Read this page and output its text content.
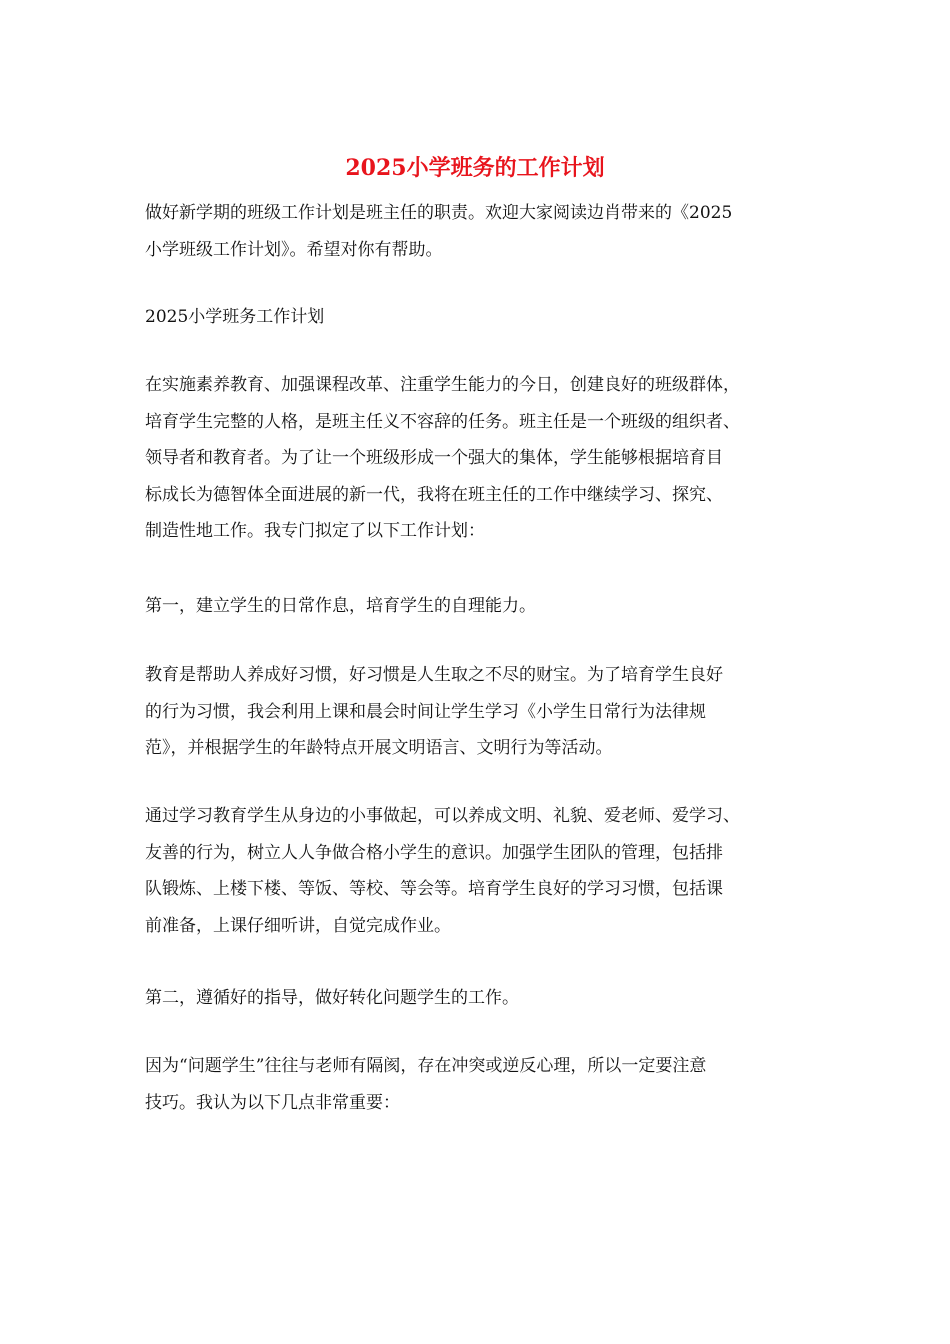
2025小学班务的工作计划
做好新学期的班级工作计划是班主任的职责。欢迎大家阅读边肖带来的《2025
小学班级工作计划》。希望对你有帮助。
2025小学班务工作计划
在实施素养教育、加强课程改革、注重学生能力的今日，创建良好的班级群体，
培育学生完整的人格，是班主任义不容辞的任务。班主任是一个班级的组织者、
领导者和教育者。为了让一个班级形成一个强大的集体，学生能够根据培育目
标成长为德智体全面进展的新一代，我将在班主任的工作中继续学习、探究、
制造性地工作。我专门拟定了以下工作计划：
第一，建立学生的日常作息，培育学生的自理能力。
教育是帮助人养成好习惯，好习惯是人生取之不尽的财宝。为了培育学生良好
的行为习惯，我会利用上课和晨会时间让学生学习《小学生日常行为法律规
范》，并根据学生的年龄特点开展文明语言、文明行为等活动。
通过学习教育学生从身边的小事做起，可以养成文明、礼貌、爱老师、爱学习、
友善的行为，树立人人争做合格小学生的意识。加强学生团队的管理，包括排
队锻炼、上楼下楼、等饭、等校、等会等。培育学生良好的学习习惯，包括课
前准备，上课仔细听讲，自觉完成作业。
第二，遵循好的指导，做好转化问题学生的工作。
因为“问题学生”往往与老师有隔阂，存在冲突或逆反心理，所以一定要注意
技巧。我认为以下几点非常重要：
